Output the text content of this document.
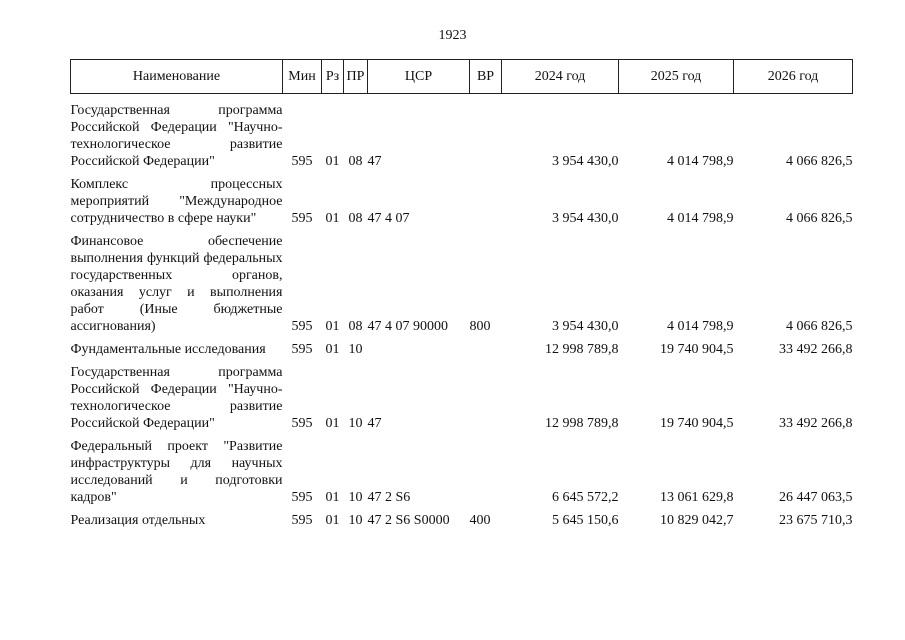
1923
Наименование	Мин	Рз	ПР	ЦСР	ВР	2024 год	2025 год	2026 год
Государственная программа Российской Федерации "Научно-технологическое развитие Российской Федерации"	595	01	08	47		3 954 430,0	4 014 798,9	4 066 826,5
Комплекс процессных мероприятий "Международное сотрудничество в сфере науки"	595	01	08	47 4 07		3 954 430,0	4 014 798,9	4 066 826,5
Финансовое обеспечение выполнения функций федеральных государственных органов, оказания услуг и выполнения работ (Иные бюджетные ассигнования)	595	01	08	47 4 07 90000	800	3 954 430,0	4 014 798,9	4 066 826,5
Фундаментальные исследования	595	01	10			12 998 789,8	19 740 904,5	33 492 266,8
Государственная программа Российской Федерации "Научно-технологическое развитие Российской Федерации"	595	01	10	47		12 998 789,8	19 740 904,5	33 492 266,8
Федеральный проект "Развитие инфраструктуры для научных исследований и подготовки кадров"	595	01	10	47 2 S6		6 645 572,2	13 061 629,8	26 447 063,5
Реализация отдельных	595	01	10	47 2 S6 S0000	400	5 645 150,6	10 829 042,7	23 675 710,3
